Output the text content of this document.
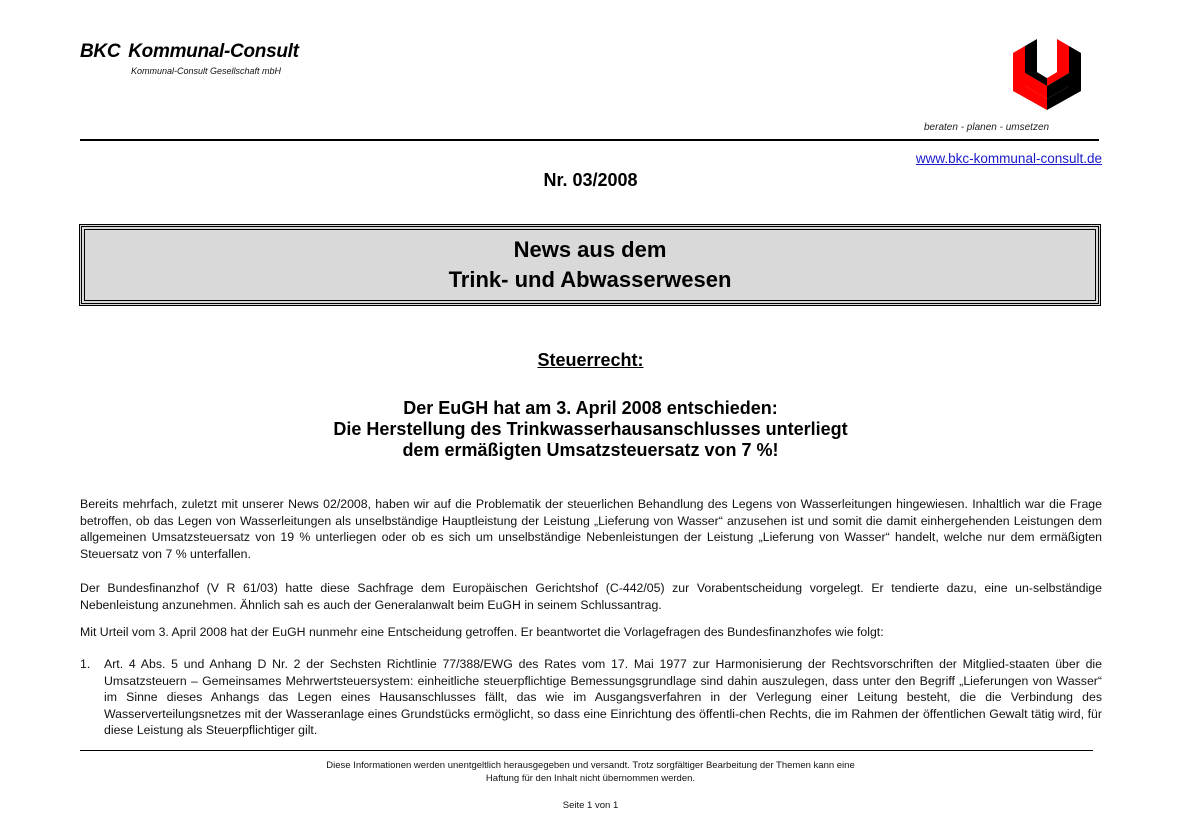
BKC Kommunal-Consult
Kommunal-Consult Gesellschaft mbH
beraten - planen - umsetzen
www.bkc-kommunal-consult.de
Nr. 03/2008
News aus dem
Trink- und Abwasserwesen
Steuerrecht:
Der EuGH hat am 3. April 2008 entschieden:
Die Herstellung des Trinkwasserhausanschlusses unterliegt
dem ermäßigten Umsatzsteuersatz von 7 %!
Bereits mehrfach, zuletzt mit unserer News 02/2008, haben wir auf die Problematik der steuerlichen Behandlung des Legens von Wasserleitungen hingewiesen. Inhaltlich war die Frage betroffen, ob das Legen von Wasserleitungen als unselbständige Hauptleistung der Leistung „Lieferung von Wasser“ anzusehen ist und somit die damit einhergehenden Leistungen dem allgemeinen Umsatzsteuersatz von 19 % unterliegen oder ob es sich um unselbständige Nebenleistungen der Leistung „Lieferung von Wasser“ handelt, welche nur dem ermäßigten Steuersatz von 7 % unterfallen.
Der Bundesfinanzhof (V R 61/03) hatte diese Sachfrage dem Europäischen Gerichtshof (C-442/05) zur Vorabentscheidung vorgelegt. Er tendierte dazu, eine un-selbständige Nebenleistung anzunehmen. Ähnlich sah es auch der Generalanwalt beim EuGH in seinem Schlussantrag.
Mit Urteil vom 3. April 2008 hat der EuGH nunmehr eine Entscheidung getroffen. Er beantwortet die Vorlagefragen des Bundesfinanzhofes wie folgt:
1.	Art. 4 Abs. 5 und Anhang D Nr. 2 der Sechsten Richtlinie 77/388/EWG des Rates vom 17. Mai 1977 zur Harmonisierung der Rechtsvorschriften der Mitglied-staaten über die Umsatzsteuern – Gemeinsames Mehrwertsteuersystem: einheitliche steuerpflichtige Bemessungsgrundlage sind dahin auszulegen, dass unter den Begriff „Lieferungen von Wasser“ im Sinne dieses Anhangs das Legen eines Hausanschlusses fällt, das wie im Ausgangsverfahren in der Verlegung einer Leitung besteht, die die Verbindung des Wasserverteilungsnetzes mit der Wasseranlage eines Grundstücks ermöglicht, so dass eine Einrichtung des öffentli-chen Rechts, die im Rahmen der öffentlichen Gewalt tätig wird, für diese Leistung als Steuerpflichtiger gilt.
Diese Informationen werden unentgeltlich herausgegeben und versandt. Trotz sorgfältiger Bearbeitung der Themen kann eine
Haftung für den Inhalt nicht übernommen werden.
Seite 1 von 1
